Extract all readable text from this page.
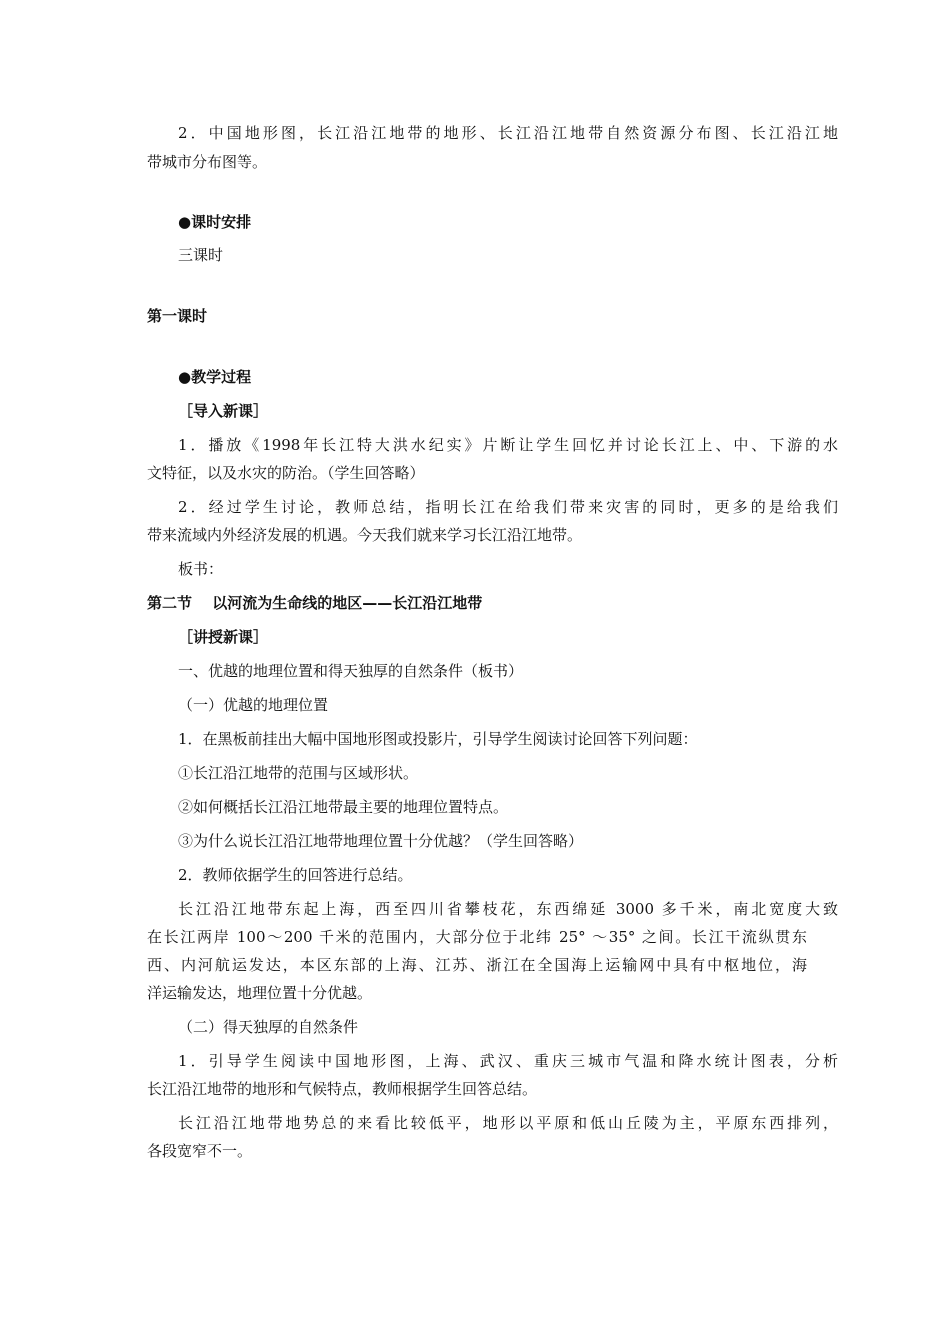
2．中国地形图，长江沿江地带的地形、长江沿江地带自然资源分布图、长江沿江地
带城市分布图等。
●课时安排
三课时
第一课时
●教学过程
［导入新课］
1．播放《1998年长江特大洪水纪实》片断让学生回忆并讨论长江上、中、下游的水
文特征，以及水灾的防治。（学生回答略）
2．经过学生讨论，教师总结，指明长江在给我们带来灾害的同时，更多的是给我们
带来流域内外经济发展的机遇。今天我们就来学习长江沿江地带。
板书：
第二节　 以河流为生命线的地区——长江沿江地带
［讲授新课］
一、优越的地理位置和得天独厚的自然条件（板书）
（一）优越的地理位置
1．在黑板前挂出大幅中国地形图或投影片，引导学生阅读讨论回答下列问题：
①长江沿江地带的范围与区域形状。
②如何概括长江沿江地带最主要的地理位置特点。
③为什么说长江沿江地带地理位置十分优越？（学生回答略）
2．教师依据学生的回答进行总结。
长江沿江地带东起上海，西至四川省攀枝花，东西绵延 3000 多千米，南北宽度大致
在长江两岸 100～200 千米的范围内，大部分位于北纬 25° ～35° 之间。长江干流纵贯东
西、内河航运发达，本区东部的上海、江苏、浙江在全国海上运输网中具有中枢地位，海
洋运输发达，地理位置十分优越。
（二）得天独厚的自然条件
1．引导学生阅读中国地形图，上海、武汉、重庆三城市气温和降水统计图表，分析
长江沿江地带的地形和气候特点，教师根据学生回答总结。
长江沿江地带地势总的来看比较低平，地形以平原和低山丘陵为主，平原东西排列，
各段宽窄不一。
